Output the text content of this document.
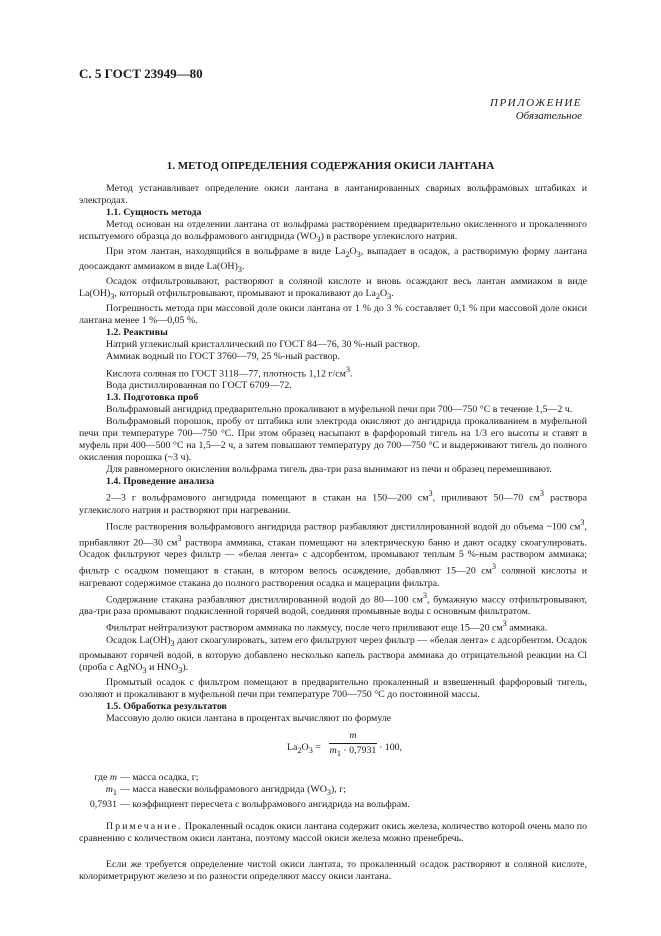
С. 5 ГОСТ 23949—80
ПРИЛОЖЕНИЕ
Обязательное
1. МЕТОД ОПРЕДЕЛЕНИЯ СОДЕРЖАНИЯ ОКИСИ ЛАНТАНА

Метод устанавливает определение окиси лантана в лантанированных сварных вольфрамовых штабиках и электродах.

1.1. Сущность метода

Метод основан на отделении лантана от вольфрама растворением предварительно окисленного и прокаленного испытуемого образца до вольфрамового ангидрида $(WO_3)$ в растворе углекислого натрия.

При этом лантан, находящийся в вольфраме в виде $La_2O_3$, выпадает в осадок, а растворимую форму лантана доосаждают аммиаком в виде $La(OH)_3$.

Осадок отфильтровывают, растворяют в соляной кислоте и вновь осаждают весь лантан аммиаком в виде $La(OH)_3$, который отфильтровывают, промывают и прокаливают до $La_2O_3$.

Погрешность метода при массовой доле окиси лантана от 1 % до 3 % составляет 0,1 % при массовой доле окиси лантана менее 1 %—0,05 %.

1.2. Реактивы

Натрий углекислый кристаллический по ГОСТ 84—76, 30 %-ный раствор.

Аммиак водный по ГОСТ 3760—79, 25 %-ный раствор.

Кислота соляная по ГОСТ 3118—77, плотность 1,12 $г/см^3$.

Вода дистиллированная по ГОСТ 6709—72.

1.3. Подготовка проб

Вольфрамовый ангидрид предварительно прокаливают в муфельной печи при 700—750 °С в течение 1,5—2 ч.

Вольфрамовый порошок, пробу от штабика или электрода окисляют до ангидрида прокаливанием в муфельной печи при температуре 700—750 °С. При этом образец насыпают в фарфоровый тигель на 1/3 его высоты и ставят в муфель при 400—500 °С на 1,5—2 ч, а затем повышают температуру до 700—750 °С и выдерживают тигель до полного окисления порошка (~3 ч).

Для равномерного окисления вольфрама тигель два-три раза вынимают из печи и образец перемешивают.

1.4. Проведение анализа

2—3 г вольфрамового ангидрида помещают в стакан на 150—200 $см^3$, приливают 50—70 $см^3$ раствора углекислого натрия и растворяют при нагревании.

После растворения вольфрамового ангидрида раствор разбавляют дистиллированной водой до объема ~100 $см^3$, прибавляют 20—30 $см^3$ раствора аммиака, стакан помещают на электрическую баню и дают осадку скоагулировать. Осадок фильтруют через фильтр — «белая лента» с адсорбентом, промывают теплым 5 %-ным раствором аммиака; фильтр с осадком помещают в стакан, в котором велось осаждение, добавляют 15—20 $см^3$ соляной кислоты и нагревают содержимое стакана до полного растворения осадка и мацерации фильтра.

Содержание стакана разбавляют дистиллированной водой до 80—100 $см^3$, бумажную массу отфильтровывают, два-три раза промывают подкисленной горячей водой, соединяя промывные воды с основным фильтратом.

Фильтрат нейтрализуют раствором аммиака по лакмусу, после чего приливают еще 15—20 $см^3$ аммиака.

Осадок $La(OH)_3$ дают скоагулировать, затем его фильтруют через фильтр — «белая лента» с адсорбентом. Осадок промывают горячей водой, в которую добавлено несколько капель раствора аммиака до отрицательной реакции на Cl (проба с AgNO$_3$ и $HNO_3$).

Промытый осадок с фильтром помещают в предварительно прокаленный и взвешенный фарфоровый тигель, озоляют и прокаливают в муфельной печи при температуре 700—750 °С до постоянной массы.

1.5. Обработка результатов

Массовую долю окиси лантана в процентах вычисляют по формуле

$La_2O_3 = \frac{m}{m_1 \cdot 0,7931} \cdot 100$,
где m — масса осадка, г;
$m_1$ — масса навески вольфрамового ангидрида $(WO_3)$, г;
0,7931 — коэффициент пересчета с вольфрамового ангидрида на вольфрам.
Примечание. Прокаленный осадок окиси лантана содержит окись железа, количество которой очень мало по сравнению с количеством окиси лантана, поэтому массой окиси железа можно пренебречь.
Если же требуется определение чистой окиси лантата, то прокаленный осадок растворяют в соляной кислоте, колориметрируют железо и по разности определяют массу окиси лантана.
